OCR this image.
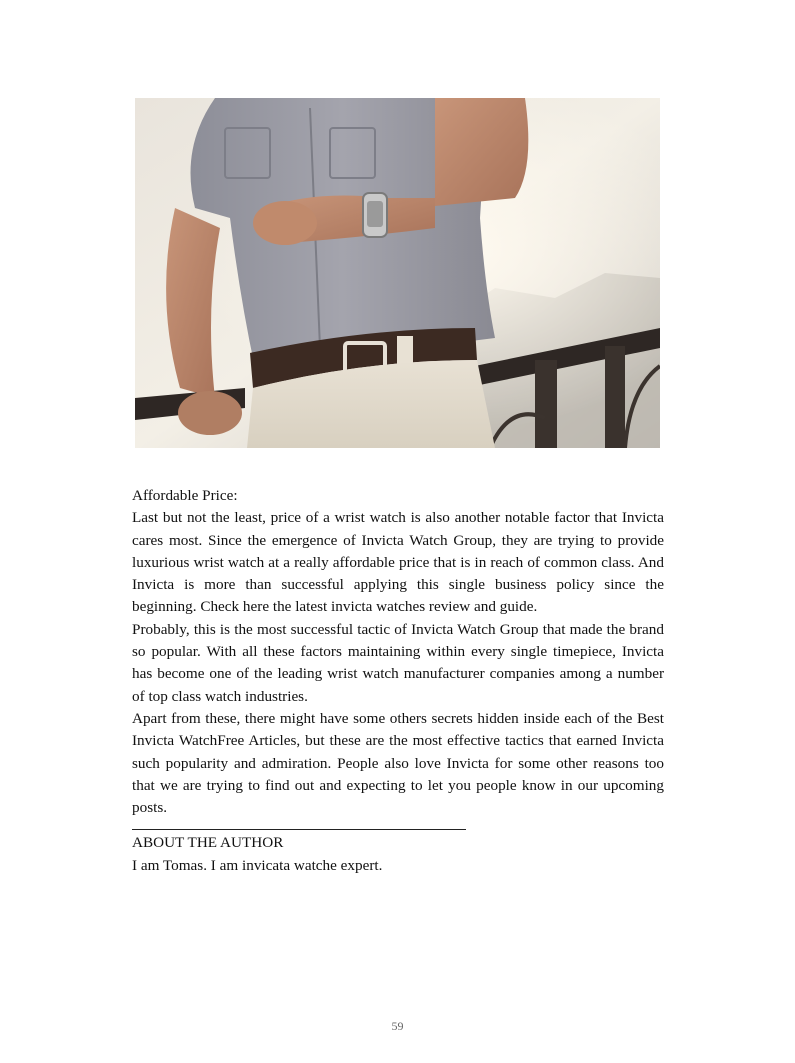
Affordable Price:

Last but not the least, price of a wrist watch is also another notable factor that Invicta cares most. Since the emergence of Invicta Watch Group, they are trying to provide luxurious wrist watch at a really affordable price that is in reach of common class. And Invicta is more than successful applying this single business policy since the beginning. Check here the latest invicta watches review and guide.

Probably, this is the most successful tactic of Invicta Watch Group that made the brand so popular. With all these factors maintaining within every single timepiece, Invicta has become one of the leading wrist watch manufacturer companies among a number of top class watch industries.

Apart from these, there might have some others secrets hidden inside each of the Best Invicta WatchFree Articles, but these are the most effective tactics that earned Invicta such popularity and admiration. People also love Invicta for some other reasons too that we are trying to find out and expecting to let you people know in our upcoming posts.

ABOUT THE AUTHOR

I am Tomas. I am invicata watche expert.

59
